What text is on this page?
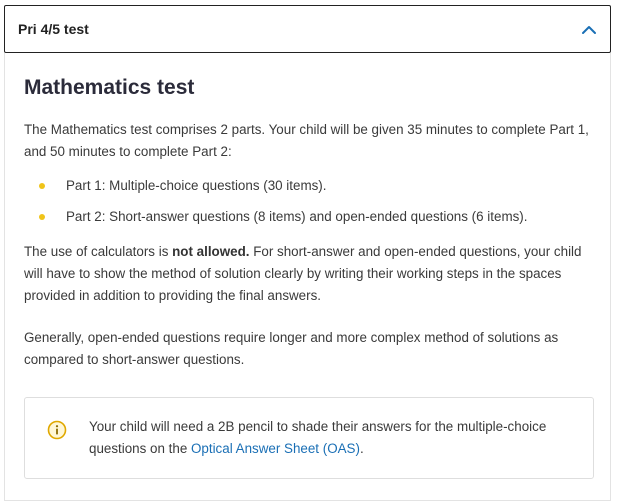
Pri 4/5 test
Mathematics test

The Mathematics test comprises 2 parts. Your child will be given 35 minutes to complete Part 1, and 50 minutes to complete Part 2:

Part 1: Multiple-choice questions (30 items).
Part 2: Short-answer questions (8 items) and open-ended questions (6 items).

The use of calculators is not allowed. For short-answer and open-ended questions, your child will have to show the method of solution clearly by writing their working steps in the spaces provided in addition to providing the final answers.

Generally, open-ended questions require longer and more complex method of solutions as compared to short-answer questions.

Your child will need a 2B pencil to shade their answers for the multiple-choice questions on the Optical Answer Sheet (OAS).
